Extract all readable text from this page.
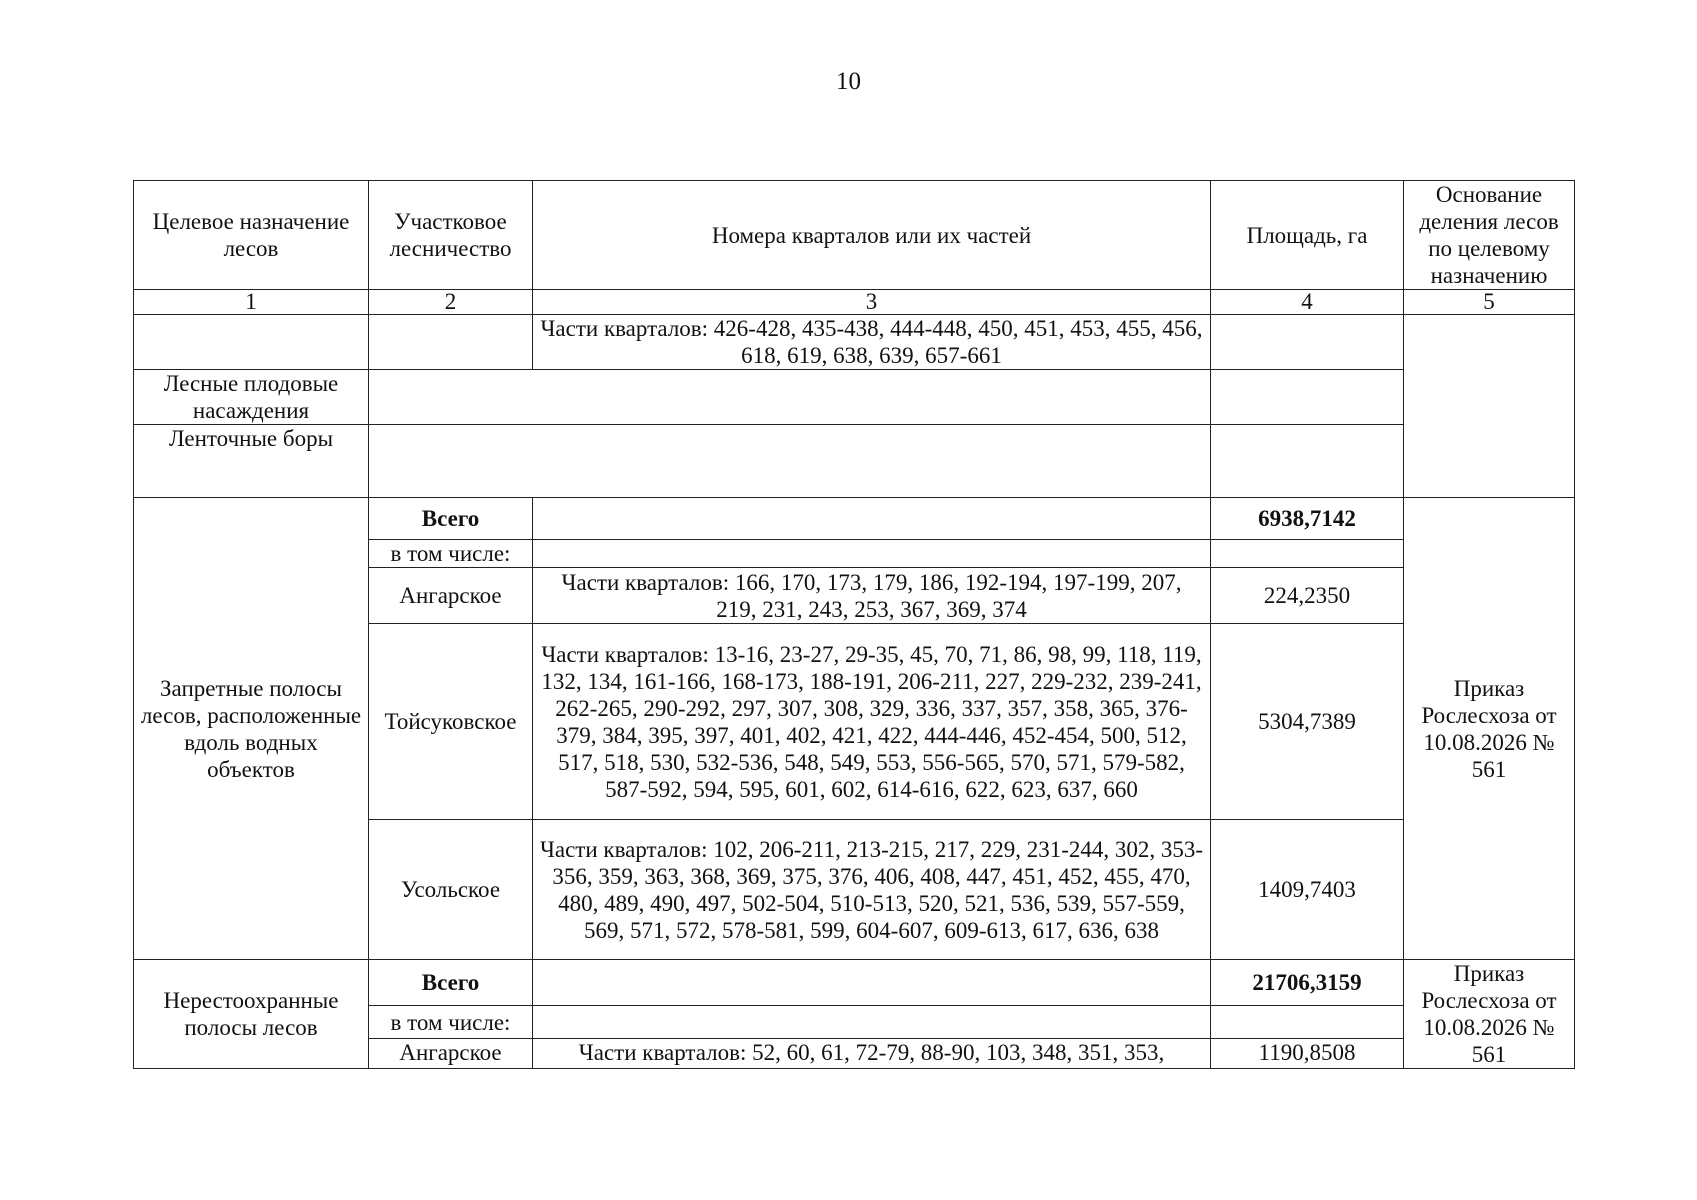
10
Целевое назначение лесов	Участковое лесничество	Номера кварталов или их частей	Площадь, га	Основание деления лесов по целевому назначению
1	2	3	4	5
		Части кварталов: 426-428, 435-438, 444-448, 450, 451, 453, 455, 456, 618, 619, 638, 639, 657-661		
Лесные плодовые насаждения				
Ленточные боры				
Запретные полосы лесов, расположенные вдоль водных объектов	Всего		6938,7142	Приказ Рослесхоза от 10.08.2026 № 561
	в том числе:			
	Ангарское	Части кварталов: 166, 170, 173, 179, 186, 192-194, 197-199, 207, 219, 231, 243, 253, 367, 369, 374	224,2350	
	Тойсуковское	Части кварталов: 13-16, 23-27, 29-35, 45, 70, 71, 86, 98, 99, 118, 119, 132, 134, 161-166, 168-173, 188-191, 206-211, 227, 229-232, 239-241, 262-265, 290-292, 297, 307, 308, 329, 336, 337, 357, 358, 365, 376-379, 384, 395, 397, 401, 402, 421, 422, 444-446, 452-454, 500, 512, 517, 518, 530, 532-536, 548, 549, 553, 556-565, 570, 571, 579-582, 587-592, 594, 595, 601, 602, 614-616, 622, 623, 637, 660	5304,7389	
	Усольское	Части кварталов: 102, 206-211, 213-215, 217, 229, 231-244, 302, 353-356, 359, 363, 368, 369, 375, 376, 406, 408, 447, 451, 452, 455, 470, 480, 489, 490, 497, 502-504, 510-513, 520, 521, 536, 539, 557-559, 569, 571, 572, 578-581, 599, 604-607, 609-613, 617, 636, 638	1409,7403	
Нерестоохранные полосы лесов	Всего		21706,3159	Приказ Рослесхоза от 10.08.2026 № 561
	в том числе:			
	Ангарское	Части кварталов: 52, 60, 61, 72-79, 88-90, 103, 348, 351, 353,	1190,8508	
